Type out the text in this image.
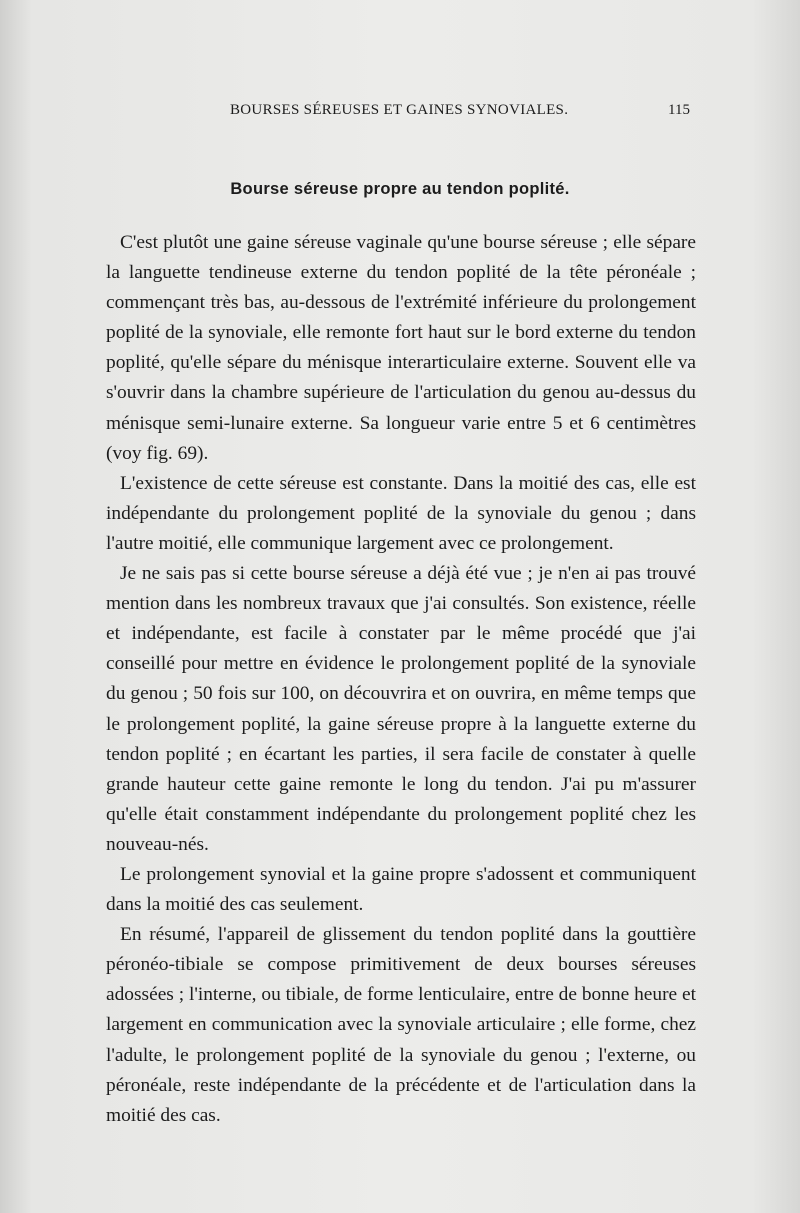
BOURSES SÉREUSES ET GAINES SYNOVIALES.	115
Bourse séreuse propre au tendon poplité.

C'est plutôt une gaine séreuse vaginale qu'une bourse séreuse ; elle sépare la languette tendineuse externe du tendon poplité de la tête péronéale ; commençant très bas, au-dessous de l'extrémité inférieure du prolongement poplité de la synoviale, elle remonte fort haut sur le bord externe du tendon poplité, qu'elle sépare du ménisque interarticulaire externe. Souvent elle va s'ouvrir dans la chambre supérieure de l'articulation du genou au-dessus du ménisque semi-lunaire externe. Sa longueur varie entre 5 et 6 centimètres (voy fig. 69).

L'existence de cette séreuse est constante. Dans la moitié des cas, elle est indépendante du prolongement poplité de la synoviale du genou ; dans l'autre moitié, elle communique largement avec ce prolongement.

Je ne sais pas si cette bourse séreuse a déjà été vue ; je n'en ai pas trouvé mention dans les nombreux travaux que j'ai consultés. Son existence, réelle et indépendante, est facile à constater par le même procédé que j'ai conseillé pour mettre en évidence le prolongement poplité de la synoviale du genou ; 50 fois sur 100, on découvrira et on ouvrira, en même temps que le prolongement poplité, la gaine séreuse propre à la languette externe du tendon poplité ; en écartant les parties, il sera facile de constater à quelle grande hauteur cette gaine remonte le long du tendon. J'ai pu m'assurer qu'elle était constamment indépendante du prolongement poplité chez les nouveau-nés.

Le prolongement synovial et la gaine propre s'adossent et communiquent dans la moitié des cas seulement.

En résumé, l'appareil de glissement du tendon poplité dans la gouttière péronéo-tibiale se compose primitivement de deux bourses séreuses adossées ; l'interne, ou tibiale, de forme lenticulaire, entre de bonne heure et largement en communication avec la synoviale articulaire ; elle forme, chez l'adulte, le prolongement poplité de la synoviale du genou ; l'externe, ou péronéale, reste indépendante de la précédente et de l'articulation dans la moitié des cas.
